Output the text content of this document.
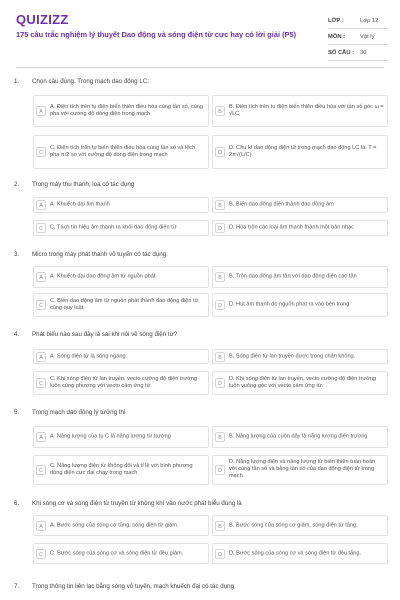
QUIZIZZ
175 câu trắc nghiệm lý thuyết Dao động và sóng điện từ cực hay có lời giải (P5)
LỚP :	Lớp 12
MÔN :	Vật lý
SỐ CÂU :	30
1. Chọn câu đúng. Trong mạch dao động LC:
A
A. Điện tích trên tụ điện biến thiên điều hòa cùng tần số, cùng pha với cường độ dòng điện trong mạch	B
B. Điện tích trên tụ điện biến thiên điều hòa với tần số góc ω = √LC
C
C. Điện tích trên tụ biến thiên điều hòa cùng tần số và lệch pha π/2 so với cường độ dòng điện trong mạch	D
D. Chu kì dao động điện từ trong mạch dao động LC là: T = 2π√(L/C)
2. Trong máy thu thanh, loa có tác dụng
A	A. Khuếch đại âm thanh	B	B. Biến dao động điện thành dao động âm
C	C. Tách tín hiệu âm thanh ra khỏi dao động điện từ	D	D. Hòa trộn các loại âm thanh thành một bản nhạc
3. Micro trong máy phát thanh vô tuyến có tác dụng:
A	A. Khuếch đại dao động âm từ nguồn phát	B	B. Trộn dao động âm tần với dao động điện cao tần
C
C. Biến dao động âm từ nguồn phát thành dao động điện từ cùng quy luật	D	D. Hút âm thanh do nguồn phát ra vào bên trong
4. Phát biểu nào sau đây là sai khi nói về sóng điện từ?
A	A. Sóng điện từ là sóng ngang.	B	B. Sóng điện từ lan truyền được trong chân không.
C
C. Khi sóng điện từ lan truyền, vecto cường độ điện trường luôn cùng phương với vecto cảm ứng từ.	D
D. Khi sóng điện từ lan truyền, vecto cường độ điện trường luôn vuông góc với vecto cảm ứng từ.
5. Trong mạch dao động lý tưởng thì
A	A. Năng lượng của tụ C là năng lượng từ trường	B	B. Năng lượng của cuộn dây là năng lượng điện trường
C
C. Năng lượng điện từ không đổi và tỉ lệ với bình phương dòng điện cực đại chạy trong mạch	D
D. Năng lượng điện và năng lượng từ biến thiên tuần hoàn với cùng tần số và bằng tần số của dao động điện từ trong mạch
6. Khi sóng cơ và sóng điện từ truyền từ không khí vào nước phát biểu đúng là
A	A. Bước sóng của sóng cơ tăng, sóng điện từ giảm.	B	B. Bước sóng của sóng cơ giảm, sóng điện từ tăng.
C	C. Bước sóng của sóng cơ và sóng điện từ đều giảm.	D	D. Bước sóng của sóng cơ và sóng điện từ đều tăng.
7. Trong thông tin liên lạc bằng sóng vô tuyến, mạch khuếch đại có tác dụng
